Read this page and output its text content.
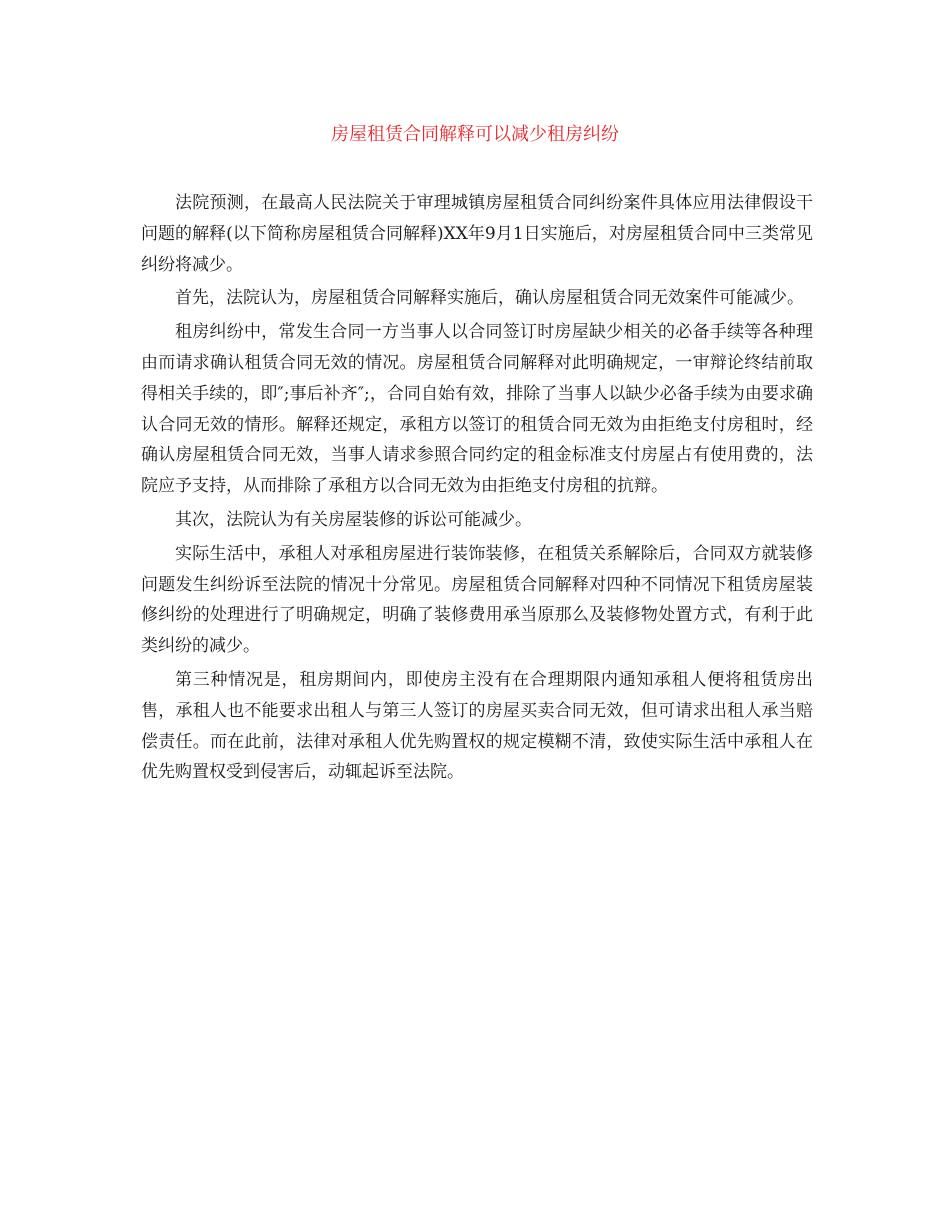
房屋租赁合同解释可以减少租房纠纷

法院预测，在最高人民法院关于审理城镇房屋租赁合同纠纷案件具体应用法律假设干问题的解释(以下简称房屋租赁合同解释)XX年9月1日实施后，对房屋租赁合同中三类常见纠纷将减少。

首先，法院认为，房屋租赁合同解释实施后，确认房屋租赁合同无效案件可能减少。

租房纠纷中，常发生合同一方当事人以合同签订时房屋缺少相关的必备手续等各种理由而请求确认租赁合同无效的情况。房屋租赁合同解释对此明确规定，一审辩论终结前取得相关手续的，即″;事后补齐″;，合同自始有效，排除了当事人以缺少必备手续为由要求确认合同无效的情形。解释还规定，承租方以签订的租赁合同无效为由拒绝支付房租时，经确认房屋租赁合同无效，当事人请求参照合同约定的租金标准支付房屋占有使用费的，法院应予支持，从而排除了承租方以合同无效为由拒绝支付房租的抗辩。

其次，法院认为有关房屋装修的诉讼可能减少。

实际生活中，承租人对承租房屋进行装饰装修，在租赁关系解除后，合同双方就装修问题发生纠纷诉至法院的情况十分常见。房屋租赁合同解释对四种不同情况下租赁房屋装修纠纷的处理进行了明确规定，明确了装修费用承当原那么及装修物处置方式，有利于此类纠纷的减少。

第三种情况是，租房期间内，即使房主没有在合理期限内通知承租人便将租赁房出售，承租人也不能要求出租人与第三人签订的房屋买卖合同无效，但可请求出租人承当赔偿责任。而在此前，法律对承租人优先购置权的规定模糊不清，致使实际生活中承租人在优先购置权受到侵害后，动辄起诉至法院。
